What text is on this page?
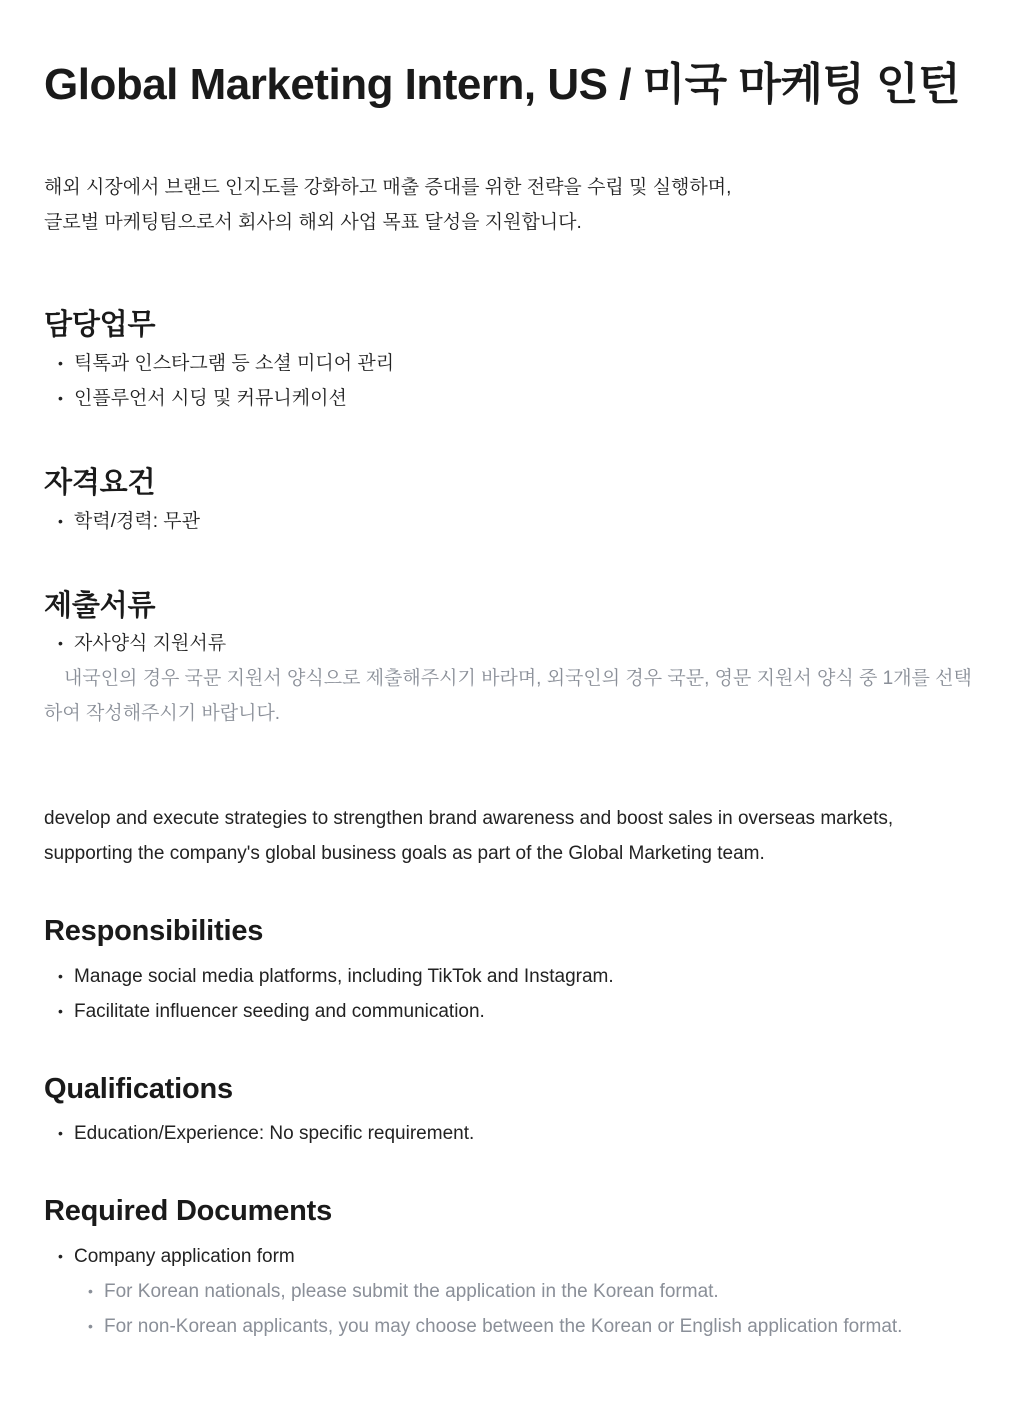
Global Marketing Intern, US / 미국 마케팅 인턴

해외 시장에서 브랜드 인지도를 강화하고 매출 증대를 위한 전략을 수립 및 실행하며,
글로벌 마케팅팀으로서 회사의 해외 사업 목표 달성을 지원합니다.

담당업무
• 틱톡과 인스타그램 등 소셜 미디어 관리
• 인플루언서 시딩 및 커뮤니케이션
자격요건
• 학력/경력: 무관
제출서류
• 자사양식 지원서류

내국인의 경우 국문 지원서 양식으로 제출해주시기 바라며, 외국인의 경우 국문, 영문 지원서 양식 중 1개를 선택하여 작성해주시기 바랍니다.

develop and execute strategies to strengthen brand awareness and boost sales in overseas markets,
supporting the company's global business goals as part of the Global Marketing team.

Responsibilities
• Manage social media platforms, including TikTok and Instagram.
• Facilitate influencer seeding and communication.
Qualifications
• Education/Experience: No specific requirement.
Required Documents
• Company application form
• For Korean nationals, please submit the application in the Korean format.
• For non-Korean applicants, you may choose between the Korean or English application format.
